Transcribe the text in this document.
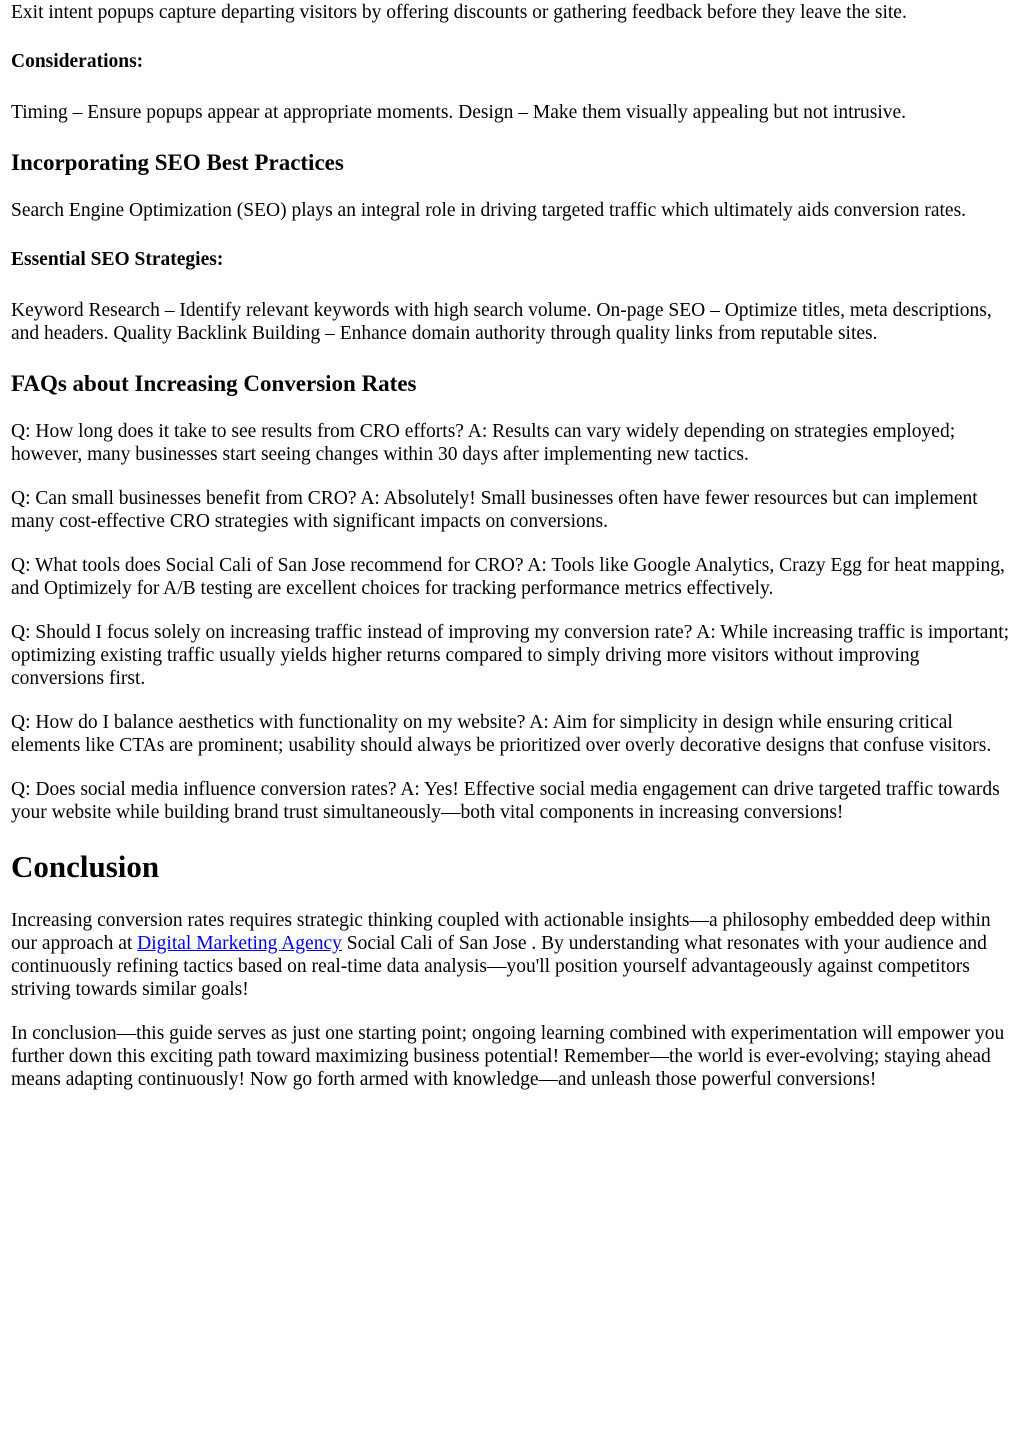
Exit intent popups capture departing visitors by offering discounts or gathering feedback before they leave the site.

Considerations:

Timing – Ensure popups appear at appropriate moments. Design – Make them visually appealing but not intrusive.

Incorporating SEO Best Practices

Search Engine Optimization (SEO) plays an integral role in driving targeted traffic which ultimately aids conversion rates.

Essential SEO Strategies:

Keyword Research – Identify relevant keywords with high search volume. On-page SEO – Optimize titles, meta descriptions, and headers. Quality Backlink Building – Enhance domain authority through quality links from reputable sites.

FAQs about Increasing Conversion Rates

Q: How long does it take to see results from CRO efforts? A: Results can vary widely depending on strategies employed; however, many businesses start seeing changes within 30 days after implementing new tactics.

Q: Can small businesses benefit from CRO? A: Absolutely! Small businesses often have fewer resources but can implement many cost-effective CRO strategies with significant impacts on conversions.

Q: What tools does Social Cali of San Jose recommend for CRO? A: Tools like Google Analytics, Crazy Egg for heat mapping, and Optimizely for A/B testing are excellent choices for tracking performance metrics effectively.

Q: Should I focus solely on increasing traffic instead of improving my conversion rate? A: While increasing traffic is important; optimizing existing traffic usually yields higher returns compared to simply driving more visitors without improving conversions first.

Q: How do I balance aesthetics with functionality on my website? A: Aim for simplicity in design while ensuring critical elements like CTAs are prominent; usability should always be prioritized over overly decorative designs that confuse visitors.

Q: Does social media influence conversion rates? A: Yes! Effective social media engagement can drive targeted traffic towards your website while building brand trust simultaneously—both vital components in increasing conversions!

Conclusion

Increasing conversion rates requires strategic thinking coupled with actionable insights—a philosophy embedded deep within our approach at Digital Marketing Agency Social Cali of San Jose . By understanding what resonates with your audience and continuously refining tactics based on real-time data analysis—you'll position yourself advantageously against competitors striving towards similar goals!

In conclusion—this guide serves as just one starting point; ongoing learning combined with experimentation will empower you further down this exciting path toward maximizing business potential! Remember—the world is ever-evolving; staying ahead means adapting continuously! Now go forth armed with knowledge—and unleash those powerful conversions!
